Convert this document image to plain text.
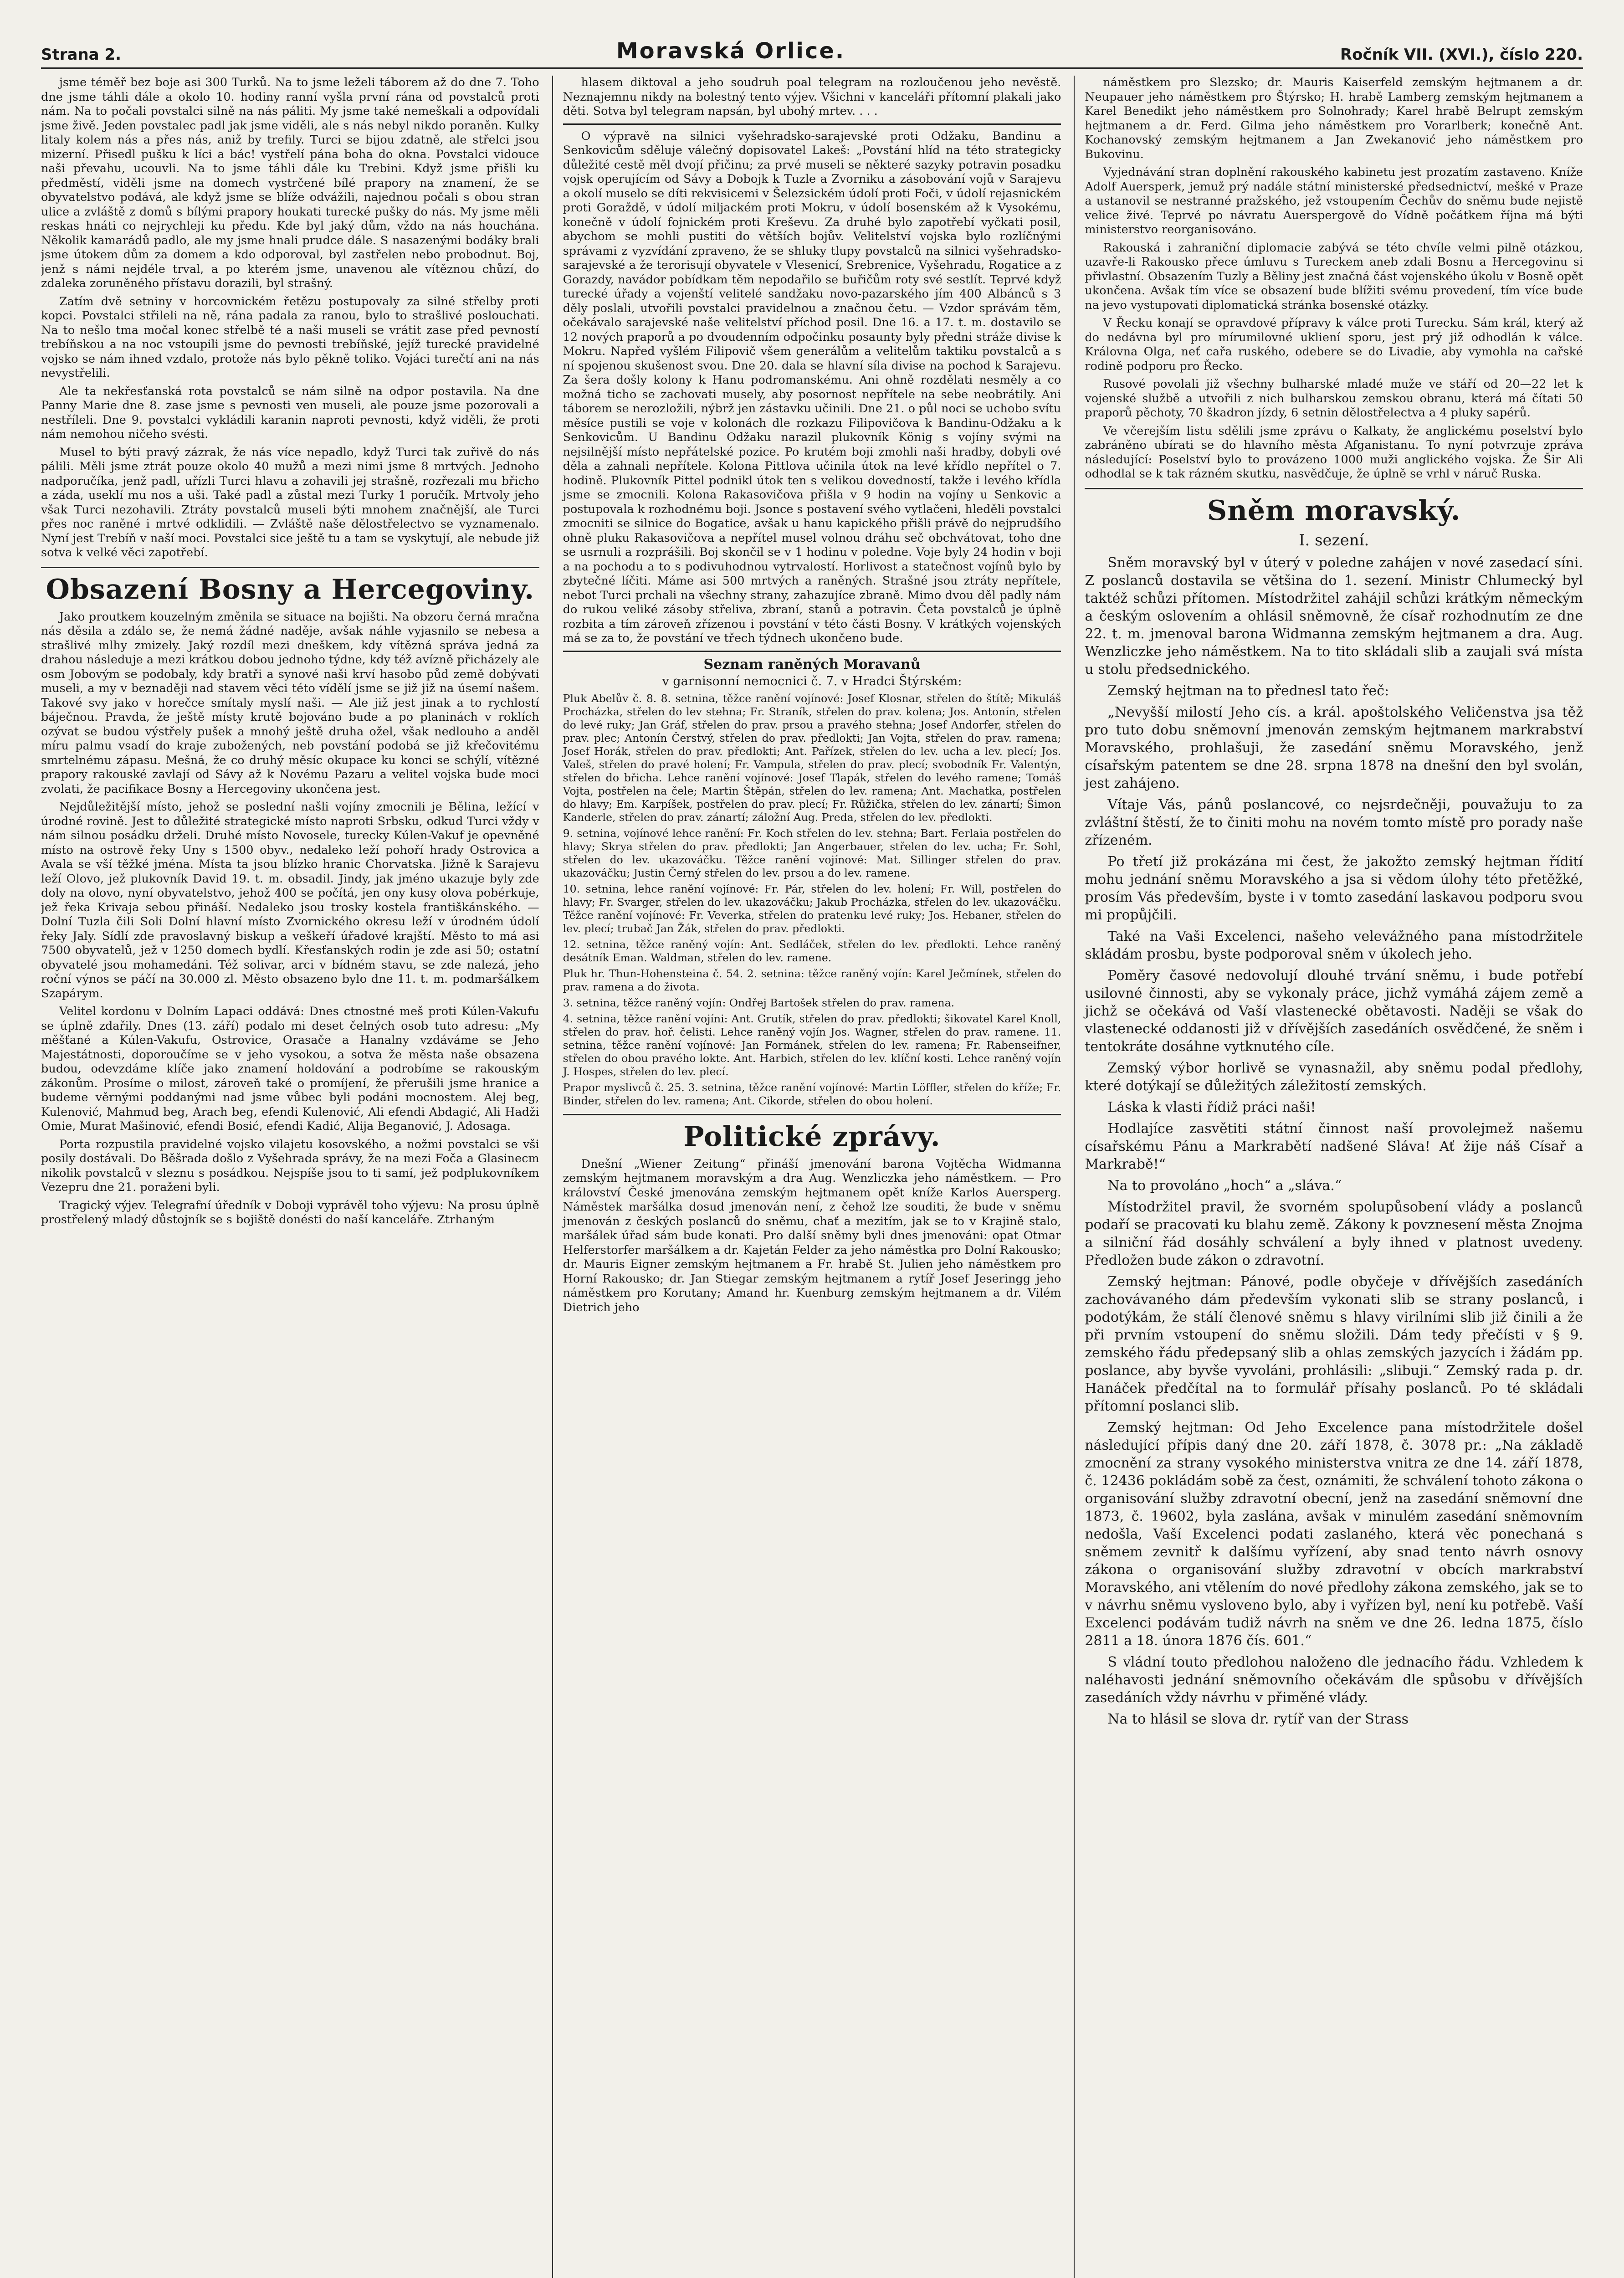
Strana 2.	Moravská Orlice.	Ročník VII. (XVI.), číslo 220.

jsme téměř bez boje asi 300 Turků. Na to jsme leželi táborem až do dne 7. Toho dne jsme táhli dále a okolo 10. hodiny ranní vyšla první rána od povstalců proti nám. Na to počali povstalci silně na nás páliti. My jsme také nemeškali a odpovídali jsme živě. Jeden povstalec padl jak jsme viděli, ale s nás nebyl nikdo poraněn. Kulky litaly kolem nás a přes nás, aniž by trefily. Turci se bijou zdatně, ale střelci jsou mizerní. Přisedl pušku k líci a bác! vystřelí pána boha do okna. Povstalci vidouce naši převahu, ucouvli. Na to jsme táhli dále ku Trebini. Když jsme přišli ku předměstí, viděli jsme na domech vystrčené bílé prapory na znamení, že se obyvatelstvo podává, ale když jsme se blíže odvážili, najednou počali s obou stran ulice a zvláště z domů s bílými prapory houkati turecké pušky do nás. My jsme měli reskas hnáti co nejrychleji ku předu. Kde byl jaký dům, vždo na nás houchána. Několik kamarádů padlo, ale my jsme hnali prudce dále. S nasazenými bodáky brali jsme útokem dům za domem a kdo odporoval, byl zastřelen nebo probodnut. Boj, jenž s námi nejdéle trval, a po kterém jsme, unavenou ale vítěznou chůzí, do zdaleka zoruněného přístavu dorazili, byl strašný.

Zatím dvě setniny v horcovnickém řetězu postupovaly za silné střelby proti kopci. Povstalci střileli na ně, rána padala za ranou, bylo to strašlivé poslouchati. Na to nešlo tma močal konec střelbě té a naši museli se vrátit zase před pevností trebíňskou a na noc vstoupili jsme do pevnosti trebíňské, jejíž turecké pravidelné vojsko se nám ihned vzdalo, protože nás bylo pěkně toliko. Vojáci turečtí ani na nás nevystřelili.

Ale ta nekřesťanská rota povstalců se nám silně na odpor postavila. Na dne Panny Marie dne 8. zase jsme s pevnosti ven museli, ale pouze jsme pozorovali a nestříleli. Dne 9. povstalci vykládili karanin naproti pevnosti, když viděli, že proti nám nemohou ničeho svésti.

Musel to býti pravý zázrak, že nás více nepadlo, když Turci tak zuřivě do nás pálili. Měli jsme ztrát pouze okolo 40 mužů a mezi nimi jsme 8 mrtvých. Jednoho nadporučíka, jenž padl, uřízli Turci hlavu a zohavili jej strašně, rozřezali mu břicho a záda, useklí mu nos a uši. Také padl a zůstal mezi Turky 1 poručík. Mrtvoly jeho však Turci nezohavili. Ztráty povstalců museli býti mnohem značnější, ale Turci přes noc raněné i mrtvé odklidili. — Zvláště naše dělostřelectvo se vyznamenalo. Nyní jest Trebíň v naší moci. Povstalci sice ještě tu a tam se vyskytují, ale nebude již sotva k velké věci zapotřebí.

Obsazení Bosny a Hercegoviny.

Jako proutkem kouzelným změnila se situace na bojišti. Na obzoru černá mračna nás děsila a zdálo se, že nemá žádné naděje, avšak náhle vyjasnilo se nebesa a strašlivé mlhy zmizely. Jaký rozdíl mezi dneškem, kdy vítězná správa jedná za drahou následuje a mezi krátkou dobou jednoho týdne, kdy též avízně přicházely ale osm Jobovým se podobaly, kdy bratři a synové naši krví hasobo půd země dobývati museli, a my v beznaději nad stavem věci této vídělí jsme se již již na úsemí našem. Takové svy jako v horečce smítaly myslí naši. — Ale již jest jinak a to rychlostí báječnou. Pravda, že ještě místy krutě bojováno bude a po planinách v roklích ozývat se budou výstřely pušek a mnohý ještě druha ožel, však nedlouho a anděl míru palmu vsadí do kraje zubožených, neb povstání podobá se již křečovitému smrtelnému zápasu. Mešná, že co druhý měsíc okupace ku konci se schýlí, vítězné prapory rakouské zavlají od Sávy až k Novému Pazaru a velitel vojska bude moci zvolati, že pacifikace Bosny a Hercegoviny ukončena jest.

Nejdůležitější místo, jehož se poslední našli vojíny zmocnili je Bělina, ležící v úrodné rovině. Jest to důležité strategické místo naproti Srbsku, odkud Turci vždy v nám silnou posádku drželi. Druhé místo Novosele, turecky Kúlen-Vakuf je opevněné místo na ostrově řeky Uny s 1500 obyv., nedaleko leží pohoří hrady Ostrovica a Avala se vší těžké jména. Místa ta jsou blízko hranic Chorvatska. Jižně k Sarajevu leží Olovo, jež plukovník David 19. t. m. obsadil. Jindy, jak jméno ukazuje byly zde doly na olovo, nyní obyvatelstvo, jehož 400 se počítá, jen ony kusy olova pobérkuje, jež řeka Krivaja sebou přináší. Nedaleko jsou trosky kostela františkánského. — Dolní Tuzla čili Soli Dolní hlavní místo Zvornického okresu leží v úrodném údolí řeky Jaly. Sídlí zde pravoslavný biskup a veškeří úřadové krajští. Město to má asi 7500 obyvatelů, jež v 1250 domech bydlí. Křesťanských rodin je zde asi 50; ostatní obyvatelé jsou mohamedáni. Též solivar, arci v bídném stavu, se zde nalezá, jeho roční výnos se páčí na 30.000 zl. Město obsazeno bylo dne 11. t. m. podmaršálkem Szapárym.

Velitel kordonu v Dolním Lapaci oddává: Dnes ctnostné meš proti Kúlen-Vakufu se úplně zdařily. Dnes (13. září) podalo mi deset čelných osob tuto adresu: „My měšťané a Kúlen-Vakufu, Ostrovice, Orasače a Hanalny vzdáváme se Jeho Majestátnosti, doporoučíme se v jeho vysokou, a sotva že města naše obsazena budou, odevzdáme klíče jako znamení holdování a podrobíme se rakouským zákonům. Prosíme o milost, zároveň také o promíjení, že přerušili jsme hranice a budeme věrnými poddanými nad jsme vůbec byli podáni mocnostem. Alej beg, Kulenović, Mahmud beg, Arach beg, efendi Kulenović, Ali efendi Abdagić, Ali Hadži Omie, Murat Mašinović, efendi Bosić, efendi Kadić, Alija Beganović, J. Adosaga.

Porta rozpustila pravidelné vojsko vilajetu kosovského, a nožmi povstalci se vši posily dostávali. Do Běšrada došlo z Vyšehrada správy, že na mezi Foča a Glasinecm nikolik povstalců v sleznu s posádkou. Nejspíše jsou to ti samí, jež podplukovníkem Vezepru dne 21. poraženi byli.

Tragický výjev. Telegrafní úředník v Doboji vyprávěl toho výjevu: Na prosu úplně prostřelený mladý důstojník se s bojiště donésti do naší kanceláře. Ztrhaným

hlasem diktoval a jeho soudruh poal telegram na rozloučenou jeho nevěstě. Neznajemnu nikdy na bolestný tento výjev. Všichni v kanceláři přítomní plakali jako děti. Sotva byl telegram napsán, byl ubohý mrtev. . . .

O výpravě na silnici vyšehradsko-sarajevské proti Odžaku, Bandinu a Senkovicům sděluje válečný dopisovatel Lakeš: „Povstání hlíd na této strategicky důležité cestě měl dvojí přičinu; za prvé museli se některé sazyky potravin posadku vojsk operujícím od Sávy a Dobojk k Tuzle a Zvorniku a zásobování vojů v Sarajevu a okolí muselo se díti rekvisicemi v Šelezsickém údolí proti Foči, v údolí rejasnickém proti Goraždě, v údolí miljackém proti Mokru, v údolí bosenském až k Vysokému, konečně v údolí fojnickém proti Kreševu. Za druhé bylo zapotřebí vyčkati posil, abychom se mohli pustiti do větších bojův. Velitelství vojska bylo rozlíčnými správami z vyzvídání zpraveno, že se shluky tlupy povstalců na silnici vyšehradsko-sarajevské a že terorisují obyvatele v Vlesenicí, Srebrenice, Vyšehradu, Rogatice a z Gorazdy, navádor pobídkam těm nepodařilo se buřičům roty své sestlít. Teprvé když turecké úřady a vojenští velitelé sandžaku novo-pazarského jím 400 Albánců s 3 děly poslali, utvořili povstalci pravidelnou a značnou četu. — Vzdor správám těm, očekávalo sarajevské naše velitelství příchod posil. Dne 16. a 17. t. m. dostavilo se 12 nových praporů a po dvoudenním odpočinku posaunty byly předni stráže divise k Mokru. Napřed vyšlém Filipovič všem generálům a velitelům taktiku povstalců a s ní spojenou skušenost svou. Dne 20. dala se hlavní síla divise na pochod k Sarajevu. Za šera došly kolony k Hanu podromanskému. Ani ohně rozdělati nesměly a co možná ticho se zachovati musely, aby posornost nepřítele na sebe neobrátily. Ani táborem se nerozložili, nýbrž jen zástavku učinili. Dne 21. o půl noci se uchobo svítu měsíce pustili se voje v kolonách dle rozkazu Filipovičova k Bandinu-Odžaku a k Senkovicům. U Bandinu Odžaku narazil plukovník König s vojíny svými na nejsilnější místo nepřátelské pozice. Po krutém boji zmohli naši hradby, dobyli ové děla a zahnali nepřítele. Kolona Pittlova učinila útok na levé křídlo nepřítel o 7. hodině. Plukovník Pittel podnikl útok ten s velikou dovedností, takže i levého křídla jsme se zmocnili. Kolona Rakasovičova přišla v 9 hodin na vojíny u Senkovic a postupovala k rozhodnému boji. Jsonce s postavení svého vytlačeni, hleděli povstalci zmocniti se silnice do Bogatice, avšak u hanu kapického přišli právě do nejprudšího ohně pluku Rakasovičova a nepřítel musel volnou dráhu seč obchvátovat, toho dne se usrnuli a rozprášili. Boj skončil se v 1 hodinu v poledne. Voje byly 24 hodin v boji a na pochodu a to s podivuhodnou vytrvalostí. Horlivost a statečnost vojínů bylo by zbytečné líčiti. Máme asi 500 mrtvých a raněných. Strašné jsou ztráty nepřítele, nebot Turci prchali na všechny strany, zahazujíce zbraně. Mimo dvou děl padly nám do rukou veliké zásoby střeliva, zbraní, stanů a potravin. Četa povstalců je úplně rozbita a tím zároveň zřízenou i povstání v této části Bosny. V krátkých vojenských má se za to, že povstání ve třech týdnech ukončeno bude.

Seznam raněných Moravanů
v garnisonní nemocnici č. 7. v Hradci Štýrském:

Pluk Abelův č. 8. 8. setnina, těžce ranění vojínové: Josef Klosnar, střelen do štítě; Mikuláš Procházka, střelen do lev stehna; Fr. Straník, střelen do prav. kolena; Jos. Antonín, střelen do levé ruky; Jan Gráf, střelen do prav. prsou a pravého stehna; Josef Andorfer, střelen do prav. plec; Antonín Čerstvý, střelen do prav. předlokti; Jan Vojta, střelen do prav. ramena; Josef Horák, střelen do prav. předlokti; Ant. Pařízek, střelen do lev. ucha a lev. plecí; Jos. Valeš, střelen do pravé holení; Fr. Vampula, střelen do prav. plecí; svobodník Fr. Valentýn, střelen do břicha. Lehce ranění vojínové: Josef Tlapák, střelen do levého ramene; Tomáš Vojta, postřelen na čele; Martin Štěpán, střelen do lev. ramena; Ant. Machatka, postřelen do hlavy; Em. Karpíšek, postřelen do prav. plecí; Fr. Růžička, střelen do lev. zánartí; Šimon Kanderle, střelen do prav. zánartí; záložní Aug. Preda, střelen do lev. předlokti.

9. setnina, vojínové lehce ranění: Fr. Koch střelen do lev. stehna; Bart. Ferlaia postřelen do hlavy; Skrya střelen do prav. předlokti; Jan Angerbauer, střelen do lev. ucha; Fr. Sohl, střelen do lev. ukazováčku. Těžce ranění vojínové: Mat. Sillinger střelen do prav. ukazováčku; Justin Černý střelen do lev. prsou a do lev. ramene.

10. setnina, lehce ranění vojínové: Fr. Pár, střelen do lev. holení; Fr. Will, postřelen do hlavy; Fr. Svarger, střelen do lev. ukazováčku; Jakub Procházka, střelen do lev. ukazováčku. Těžce ranění vojínové: Fr. Veverka, střelen do pratenku levé ruky; Jos. Hebaner, střelen do lev. plecí; trubač Jan Žák, střelen do prav. předlokti.

12. setnina, těžce raněný vojín: Ant. Sedláček, střelen do lev. předlokti. Lehce raněný desátník Eman. Waldman, střelen do lev. ramene.

Pluk hr. Thun-Hohensteina č. 54. 2. setnina: těžce raněný vojín: Karel Ječmínek, střelen do prav. ramena a do života.

3. setnina, těžce raněný vojín: Ondřej Bartošek střelen do prav. ramena.

4. setnina, těžce ranění vojíni: Ant. Grutík, střelen do prav. předlokti; šikovatel Karel Knoll, střelen do prav. hoř. čelisti. Lehce raněný vojín Jos. Wagner, střelen do prav. ramene. 11. setnina, těžce ranění vojínové: Jan Formánek, střelen do lev. ramena; Fr. Rabenseifner, střelen do obou pravého lokte. Ant. Harbich, střelen do lev. klíční kosti. Lehce raněný vojín J. Hospes, střelen do lev. plecí.

Prapor myslivců č. 25. 3. setnina, těžce ranění vojínové: Martin Löffler, střelen do kříže; Fr. Binder, střelen do lev. ramena; Ant. Cikorde, střelen do obou holení.

Politické zprávy.

Dnešní „Wiener Zeitung“ přináší jmenování barona Vojtěcha Widmanna zemským hejtmanem moravským a dra Aug. Wenzliczka jeho náměstkem. — Pro království České jmenována zemským hejtmanem opět kníže Karlos Auersperg. Náměstek maršálka dosud jmenován není, z čehož lze souditi, že bude v sněmu jmenován z českých poslanců do sněmu, chať a mezitím, jak se to v Krajině stalo, maršálek úřad sám bude konati. Pro další sněmy byli dnes jmenováni: opat Otmar Helferstorfer maršálkem a dr. Kajetán Felder za jeho náměstka pro Dolní Rakousko; dr. Mauris Eigner zemským hejtmanem a Fr. hrabě St. Julien jeho náměstkem pro Horní Rakousko; dr. Jan Stiegar zemským hejtmanem a rytíř Josef Jeseringg jeho náměstkem pro Korutany; Amand hr. Kuenburg zemským hejtmanem a dr. Vilém Dietrich jeho

náměstkem pro Slezsko; dr. Mauris Kaiserfeld zemským hejtmanem a dr. Neupauer jeho náměstkem pro Štýrsko; H. hrabě Lamberg zemským hejtmanem a Karel Benedikt jeho náměstkem pro Solnohrady; Karel hrabě Belrupt zemským hejtmanem a dr. Ferd. Gilma jeho náměstkem pro Vorarlberk; konečně Ant. Kochanovský zemským hejtmanem a Jan Zwekanović jeho náměstkem pro Bukovinu.

Vyjednávání stran doplnění rakouského kabinetu jest prozatím zastaveno. Kníže Adolf Auersperk, jemuž prý nadále státní ministerské předsednictví, mešké v Praze a ustanovil se nestranné pražského, jež vstoupením Čechův do sněmu bude nejistě velice živé. Teprvé po návratu Auerspergově do Vídně počátkem října má býti ministerstvo reorganisováno.

Rakouská i zahraniční diplomacie zabývá se této chvíle velmi pilně otázkou, uzavře-li Rakousko přece úmluvu s Tureckem aneb zdali Bosnu a Hercegovinu si přivlastní. Obsazením Tuzly a Běliny jest značná část vojenského úkolu v Bosně opět ukončena. Avšak tím více se obsazení bude blížiti svému provedení, tím více bude na jevo vystupovati diplomatická stránka bosenské otázky.

V Řecku konají se opravdové přípravy k válce proti Turecku. Sám král, který až do nedávna byl pro mírumilovné ukliení sporu, jest prý již odhodlán k válce. Královna Olga, neť cařa ruského, odebere se do Livadie, aby vymohla na cařské rodině podporu pro Řecko.

Rusové povolali již všechny bulharské mladé muže ve stáří od 20—22 let k vojenské službě a utvořili z nich bulharskou zemskou obranu, která má čítati 50 praporů pěchoty, 70 škadron jízdy, 6 setnin dělostřelectva a 4 pluky sapérů.

Ve včerejším listu sdělili jsme zprávu o Kalkaty, že anglickému poselství bylo zabráněno ubírati se do hlavního města Afganistanu. To nyní potvrzuje zpráva následující: Poselství bylo to provázeno 1000 muži anglického vojska. Že Šir Ali odhodlal se k tak rázném skutku, nasvědčuje, že úplně se vrhl v náruč Ruska.

Sněm moravský.
I. sezení.

Sněm moravský byl v úterý v poledne zahájen v nové zasedací síni. Z poslanců dostavila se většina do 1. sezení. Ministr Chlumecký byl taktéž schůzi přítomen. Místodržitel zahájil schůzi krátkým německým a českým oslovením a ohlásil sněmovně, že císař rozhodnutím ze dne 22. t. m. jmenoval barona Widmanna zemským hejtmanem a dra. Aug. Wenzliczke jeho náměstkem. Na to tito skládali slib a zaujali svá místa u stolu předsednického.

Zemský hejtman na to přednesl tato řeč:

„Nevyšší milostí Jeho cís. a král. apoštolského Veličenstva jsa těž pro tuto dobu sněmovní jmenován zemským hejtmanem markrabství Moravského, prohlašuji, že zasedání sněmu Moravského, jenž císařským patentem se dne 28. srpna 1878 na dnešní den byl svolán, jest zahájeno.

Vítaje Vás, pánů poslancové, co nejsrdečněji, pouvažuju to za zvláštní štěstí, že to činiti mohu na novém tomto místě pro porady naše zřízeném.

Po třetí již prokázána mi čest, že jakožto zemský hejtman řídití mohu jednání sněmu Moravského a jsa si vědom úlohy této přetěžké, prosím Vás především, byste i v tomto zasedání laskavou podporu svou mi propůjčili.

Také na Vaši Excelenci, našeho velevážného pana místodržitele skládám prosbu, byste podporoval sněm v úkolech jeho.

Poměry časové nedovolují dlouhé trvání sněmu, i bude potřebí usilovné činnosti, aby se vykonaly práce, jichž vymáhá zájem země a jichž se očekává od Vaší vlastenecké obětavosti. Naději se však do vlastenecké oddanosti již v dřívějších zasedáních osvědčené, že sněm i tentokráte dosáhne vytknutého cíle.

Zemský výbor horlivě se vynasnažil, aby sněmu podal předlohy, které dotýkají se důležitých záležitostí zemských.

Láska k vlasti řídiž práci naši!

Hodlajíce zasvětiti státní činnost naší provolejmež našemu císařskému Pánu a Markrabětí nadšené Sláva! Ať žije náš Císař a Markrabě!“

Na to provoláno „hoch“ a „sláva.“

Místodržitel pravil, že svorném spolupůsobení vlády a poslanců podaří se pracovati ku blahu země. Zákony k povznesení města Znojma a silniční řád dosáhly schválení a byly ihned v platnost uvedeny. Předložen bude zákon o zdravotní.

Zemský hejtman: Pánové, podle obyčeje v dřívějších zasedáních zachovávaného dám především vykonati slib se strany poslanců, i podotýkám, že stálí členové sněmu s hlavy virilními slib již činili a že při prvním vstoupení do sněmu složili. Dám tedy přečísti v § 9. zemského řádu předepsaný slib a ohlas zemských jazycích i žádám pp. poslance, aby byvše vyvoláni, prohlásili: „slibuji.“ Zemský rada p. dr. Hanáček předčítal na to formulář přísahy poslanců. Po té skládali přítomní poslanci slib.

Zemský hejtman: Od Jeho Excelence pana místodržitele došel následující přípis daný dne 20. září 1878, č. 3078 pr.: „Na základě zmocnění za strany vysokého ministerstva vnitra ze dne 14. září 1878, č. 12436 pokládám sobě za čest, oznámiti, že schválení tohoto zákona o organisování služby zdravotní obecní, jenž na zasedání sněmovní dne 1873, č. 19602, byla zaslána, avšak v minulém zasedání sněmovním nedošla, Vaší Excelenci podati zaslaného, která věc ponechaná s sněmem zevnitř k dalšímu vyřízení, aby snad tento návrh osnovy zákona o organisování služby zdravotní v obcích markrabství Moravského, ani vtělením do nové předlohy zákona zemského, jak se to v návrhu sněmu vysloveno bylo, aby i vyřízen byl, není ku potřebě. Vaší Excelenci podávám tudiž návrh na sněm ve dne 26. ledna 1875, číslo 2811 a 18. února 1876 čís. 601.“

S vládní touto předlohou naloženo dle jednacího řádu. Vzhledem k naléhavosti jednání sněmovního očekávám dle spůsobu v dřívějších zasedáních vždy návrhu v přiměné vlády.

Na to hlásil se slova dr. rytíř van der Strass
